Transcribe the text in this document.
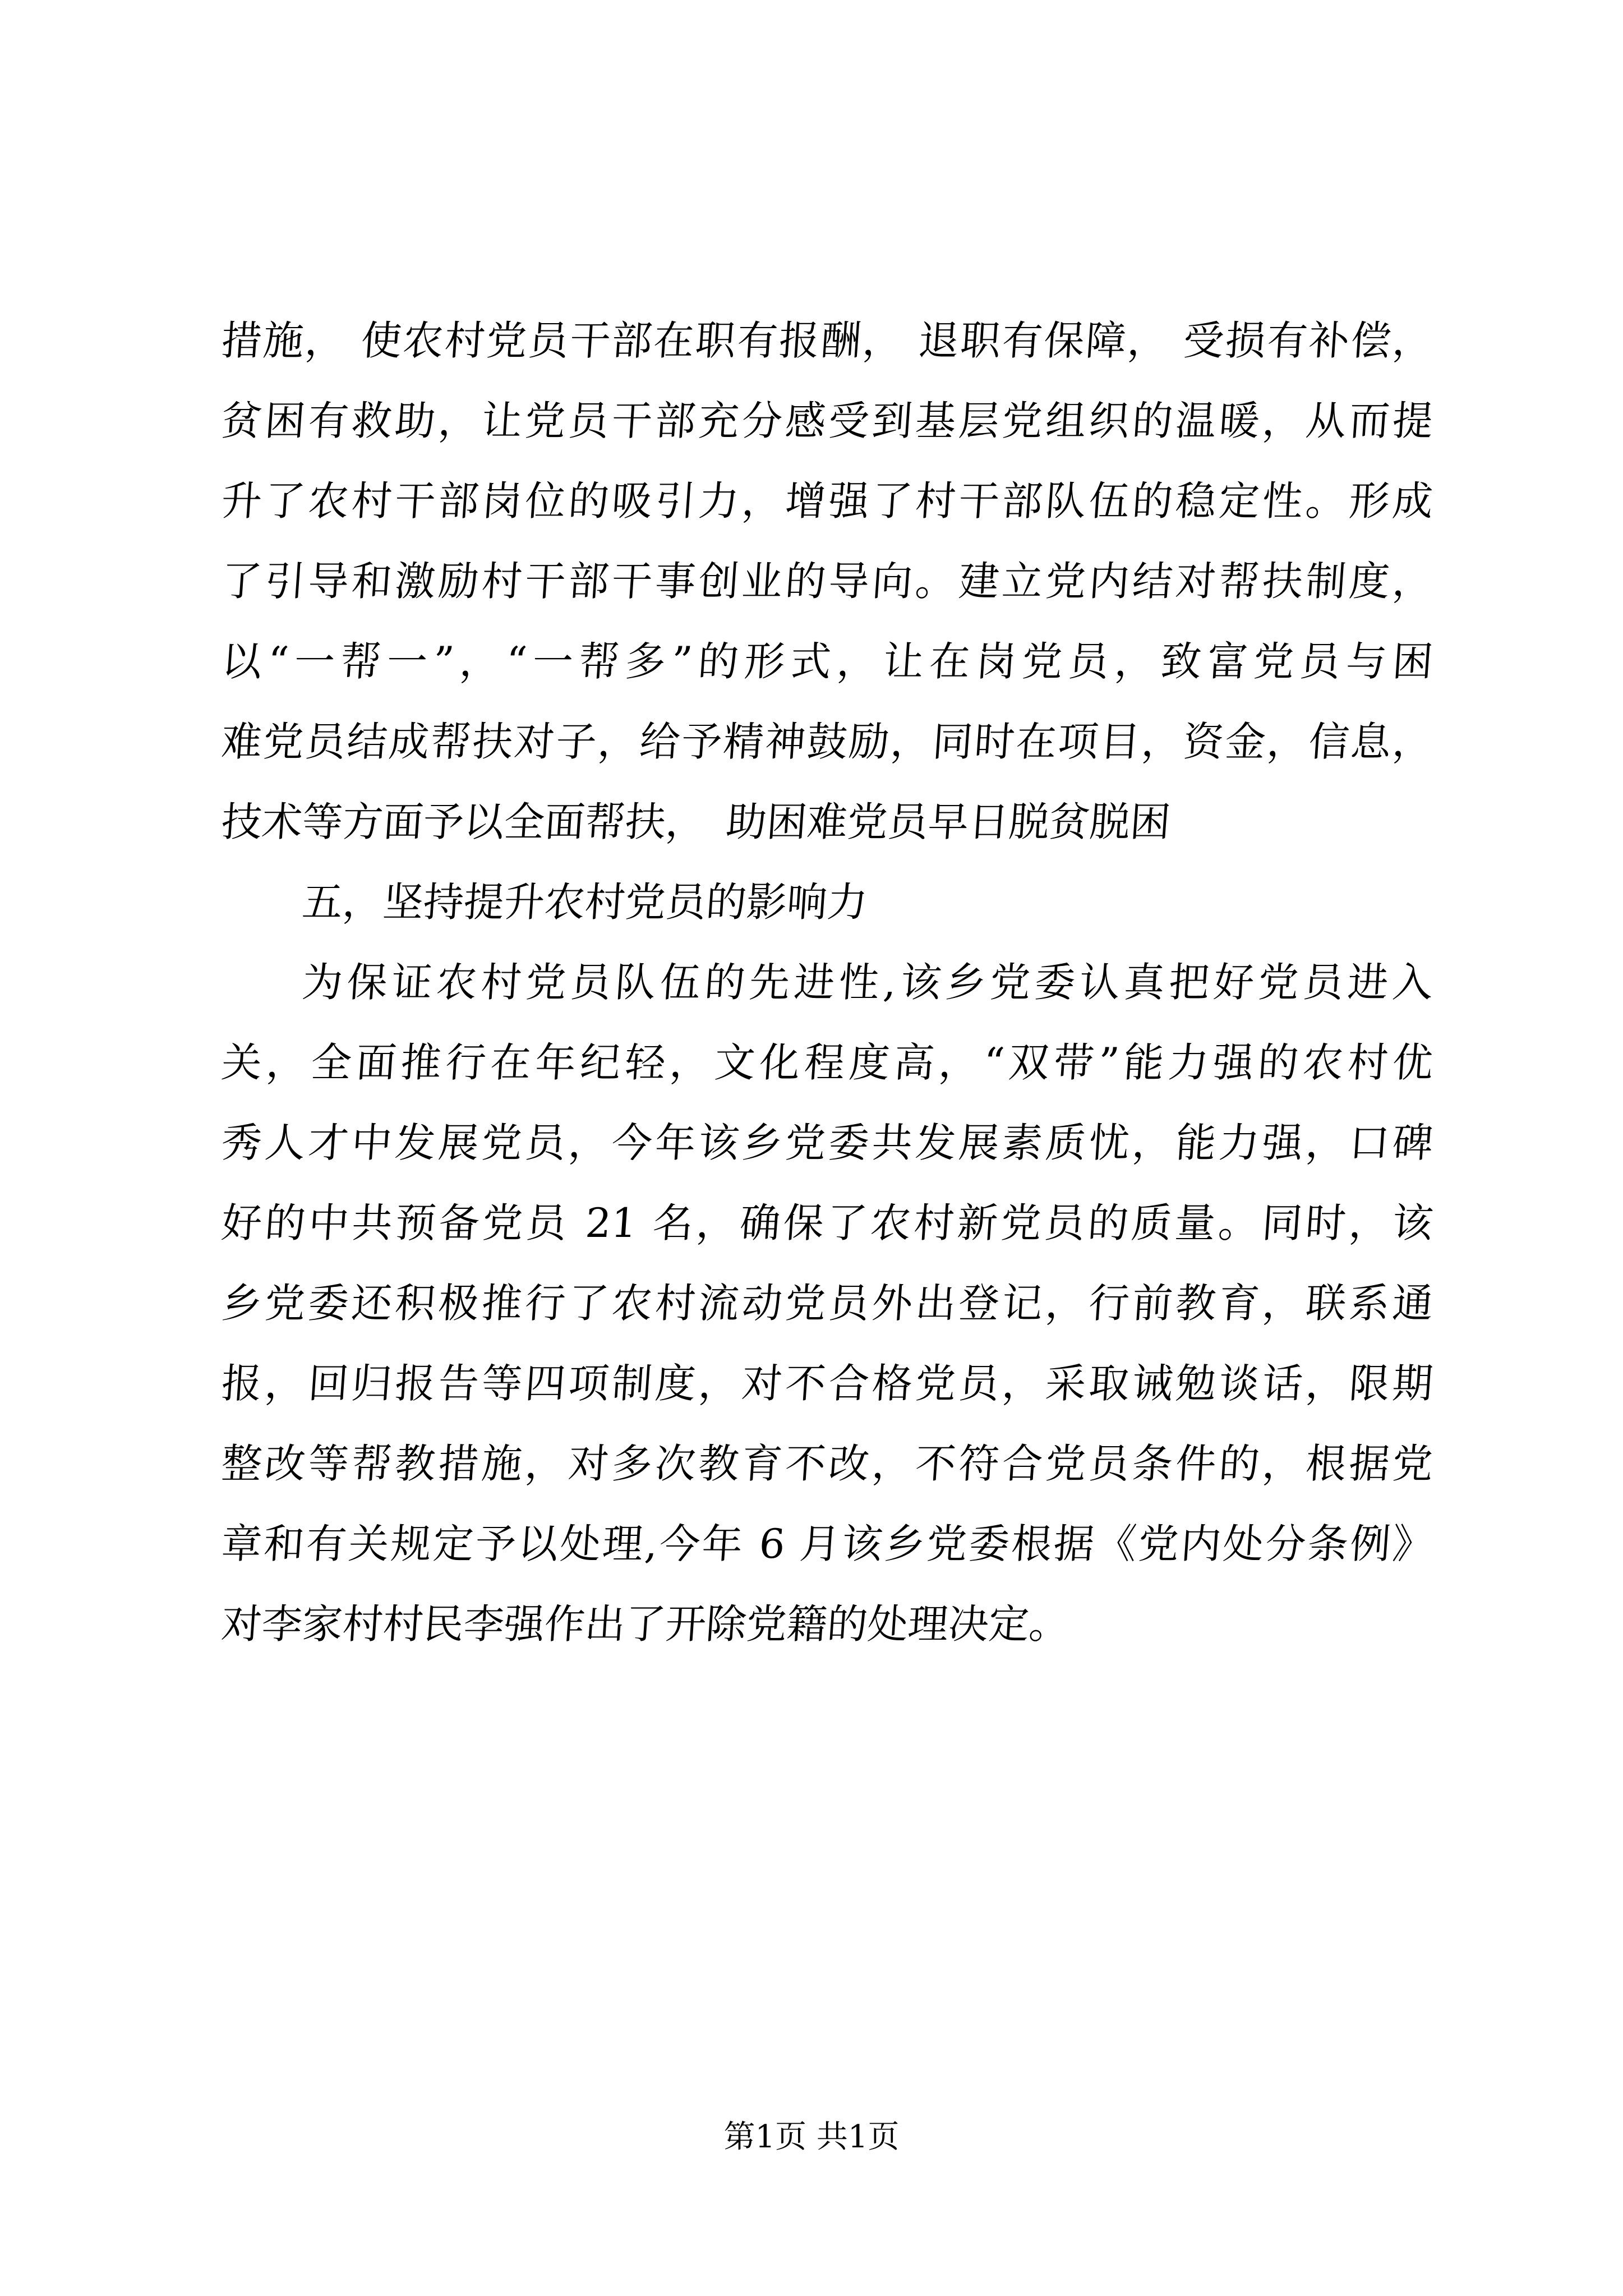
措施， 使农村党员干部在职有报酬， 退职有保障， 受损有补偿，
贫困有救助，让党员干部充分感受到基层党组织的温暖，从而提
升了农村干部岗位的吸引力，增强了村干部队伍的稳定性。形成
了引导和激励村干部干事创业的导向。建立党内结对帮扶制度，
以“一帮一”，“一帮多”的形式，让在岗党员，致富党员与困
难党员结成帮扶对子，给予精神鼓励，同时在项目，资金，信息，
技术等方面予以全面帮扶，　助困难党员早日脱贫脱困
五，坚持提升农村党员的影响力
为保证农村党员队伍的先进性,该乡党委认真把好党员进入
关，全面推行在年纪轻，文化程度高，“双带”能力强的农村优
秀人才中发展党员，今年该乡党委共发展素质忧，能力强，口碑
好的中共预备党员 21 名，确保了农村新党员的质量。同时，该
乡党委还积极推行了农村流动党员外出登记，行前教育，联系通
报，回归报告等四项制度，对不合格党员，采取诫勉谈话，限期
整改等帮教措施，对多次教育不改，不符合党员条件的，根据党
章和有关规定予以处理,今年 6 月该乡党委根据《党内处分条例》
对李家村村民李强作出了开除党籍的处理决定。
第1页 共1页
